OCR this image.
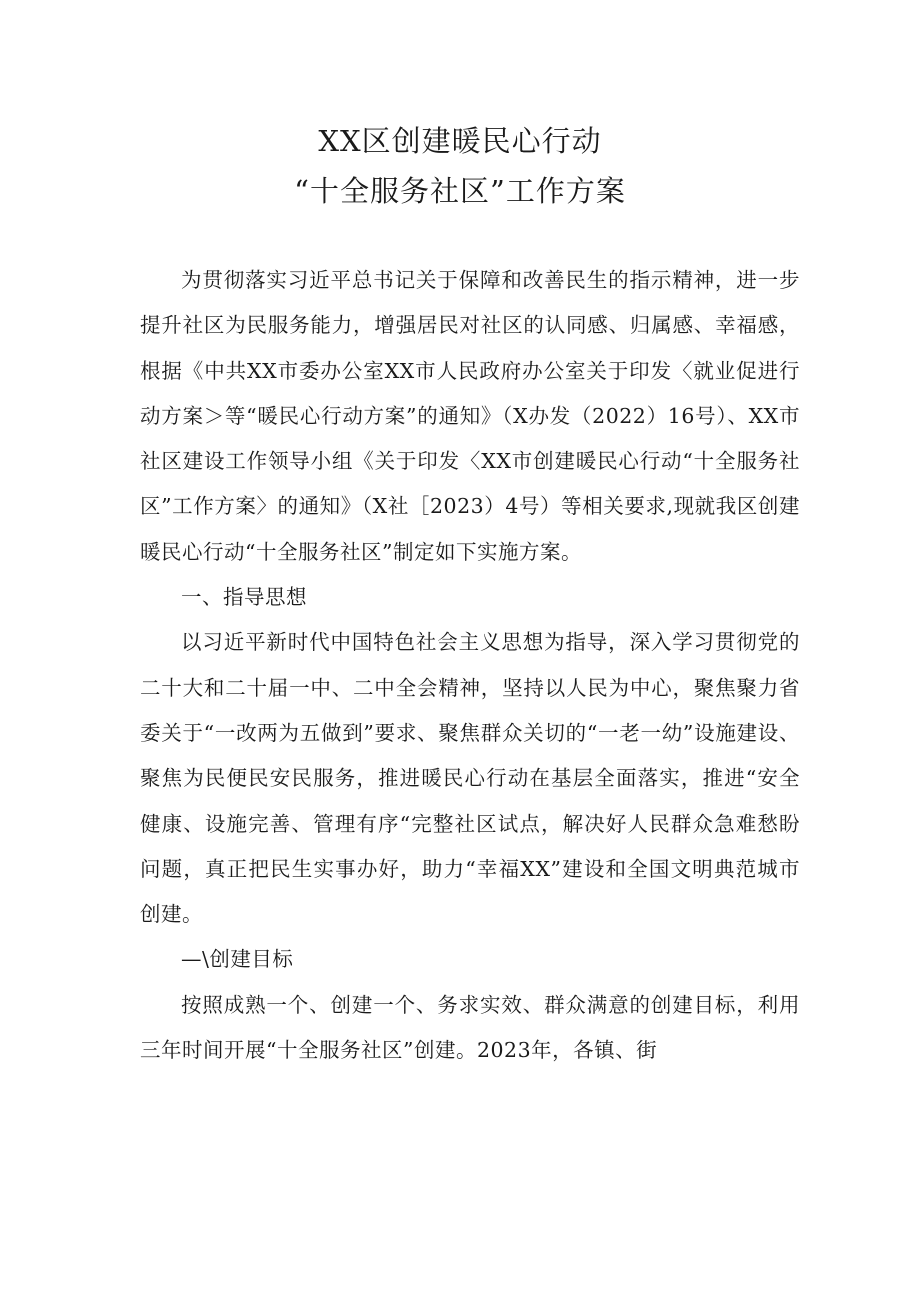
XX区创建暖民心行动
“十全服务社区”工作方案

为贯彻落实习近平总书记关于保障和改善民生的指示精神，进一步提升社区为民服务能力，增强居民对社区的认同感、归属感、幸福感，根据《中共XX市委办公室XX市人民政府办公室关于印发〈就业促进行动方案＞等“暖民心行动方案”的通知》（X办发（2022）16号）、XX市社区建设工作领导小组《关于印发〈XX市创建暖民心行动“十全服务社区”工作方案〉的通知》（X社［2023）4号）等相关要求,现就我区创建暖民心行动“十全服务社区”制定如下实施方案。

一、指导思想

以习近平新时代中国特色社会主义思想为指导，深入学习贯彻党的二十大和二十届一中、二中全会精神，坚持以人民为中心，聚焦聚力省委关于“一改两为五做到”要求、聚焦群众关切的“一老一幼”设施建设、聚焦为民便民安民服务，推进暖民心行动在基层全面落实，推进“安全健康、设施完善、管理有序“完整社区试点，解决好人民群众急难愁盼问题，真正把民生实事办好，助力“幸福XX”建设和全国文明典范城市创建。

—\创建目标

按照成熟一个、创建一个、务求实效、群众满意的创建目标，利用三年时间开展“十全服务社区”创建。2023年，各镇、街
